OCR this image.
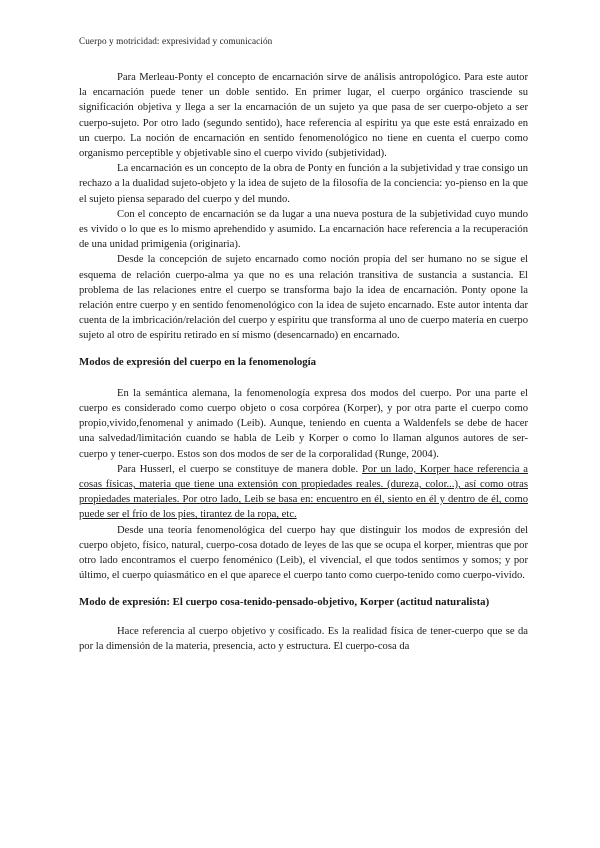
Cuerpo y motricidad: expresividad y comunicación

Para Merleau-Ponty el concepto de encarnación sirve de análisis antropológico. Para este autor la encarnación puede tener un doble sentido. En primer lugar, el cuerpo orgánico trasciende su significación objetiva y llega a ser la encarnación de un sujeto ya que pasa de ser cuerpo-objeto a ser cuerpo-sujeto. Por otro lado (segundo sentido), hace referencia al espíritu ya que este está enraizado en un cuerpo. La noción de encarnación en sentido fenomenológico no tiene en cuenta el cuerpo como organismo perceptible y objetivable sino el cuerpo vivido (subjetividad).

La encarnación es un concepto de la obra de Ponty en función a la subjetividad y trae consigo un rechazo a la dualidad sujeto-objeto y la idea de sujeto de la filosofía de la conciencia: yo-pienso en la que el sujeto piensa separado del cuerpo y del mundo.

Con el concepto de encarnación se da lugar a una nueva postura de la subjetividad cuyo mundo es vivido o lo que es lo mismo aprehendido y asumido. La encarnación hace referencia a la recuperación de una unidad primigenia (originaria).

Desde la concepción de sujeto encarnado como noción propia del ser humano no se sigue el esquema de relación cuerpo-alma ya que no es una relación transitiva de sustancia a sustancia. El problema de las relaciones entre el cuerpo se transforma bajo la idea de encarnación. Ponty opone la relación entre cuerpo y en sentido fenomenológico con la idea de sujeto encarnado. Este autor intenta dar cuenta de la imbricación/relación del cuerpo y espíritu que transforma al uno de cuerpo materia en cuerpo sujeto al otro de espíritu retirado en sí mismo (desencarnado) en encarnado.

Modos de expresión del cuerpo en la fenomenología

En la semántica alemana, la fenomenología expresa dos modos del cuerpo. Por una parte el cuerpo es considerado como cuerpo objeto o cosa corpórea (Korper), y por otra parte el cuerpo como propio,vivido,fenomenal y animado (Leib). Aunque, teniendo en cuenta a Waldenfels se debe de hacer una salvedad/limitación cuando se habla de Leib y Korper o como lo llaman algunos autores de ser-cuerpo y tener-cuerpo. Estos son dos modos de ser de la corporalidad (Runge, 2004).

Para Husserl, el cuerpo se constituye de manera doble. Por un lado, Korper hace referencia a cosas físicas, materia que tiene una extensión con propiedades reales. (dureza, color...), así como otras propiedades materiales. Por otro lado, Leib se basa en: encuentro en él, siento en él y dentro de él, como puede ser el frío de los pies, tirantez de la ropa, etc.

Desde una teoría fenomenológica del cuerpo hay que distinguir los modos de expresión del cuerpo objeto, físico, natural, cuerpo-cosa dotado de leyes de las que se ocupa el korper, mientras que por otro lado encontramos el cuerpo fenoménico (Leib), el vivencial, el que todos sentimos y somos; y por último, el cuerpo quiasmático en el que aparece el cuerpo tanto como cuerpo-tenido como cuerpo-vivido.

Modo de expresión: El cuerpo cosa-tenido-pensado-objetivo, Korper (actitud naturalista)

Hace referencia al cuerpo objetivo y cosificado. Es la realidad física de tener-cuerpo que se da por la dimensión de la materia, presencia, acto y estructura. El cuerpo-cosa da
